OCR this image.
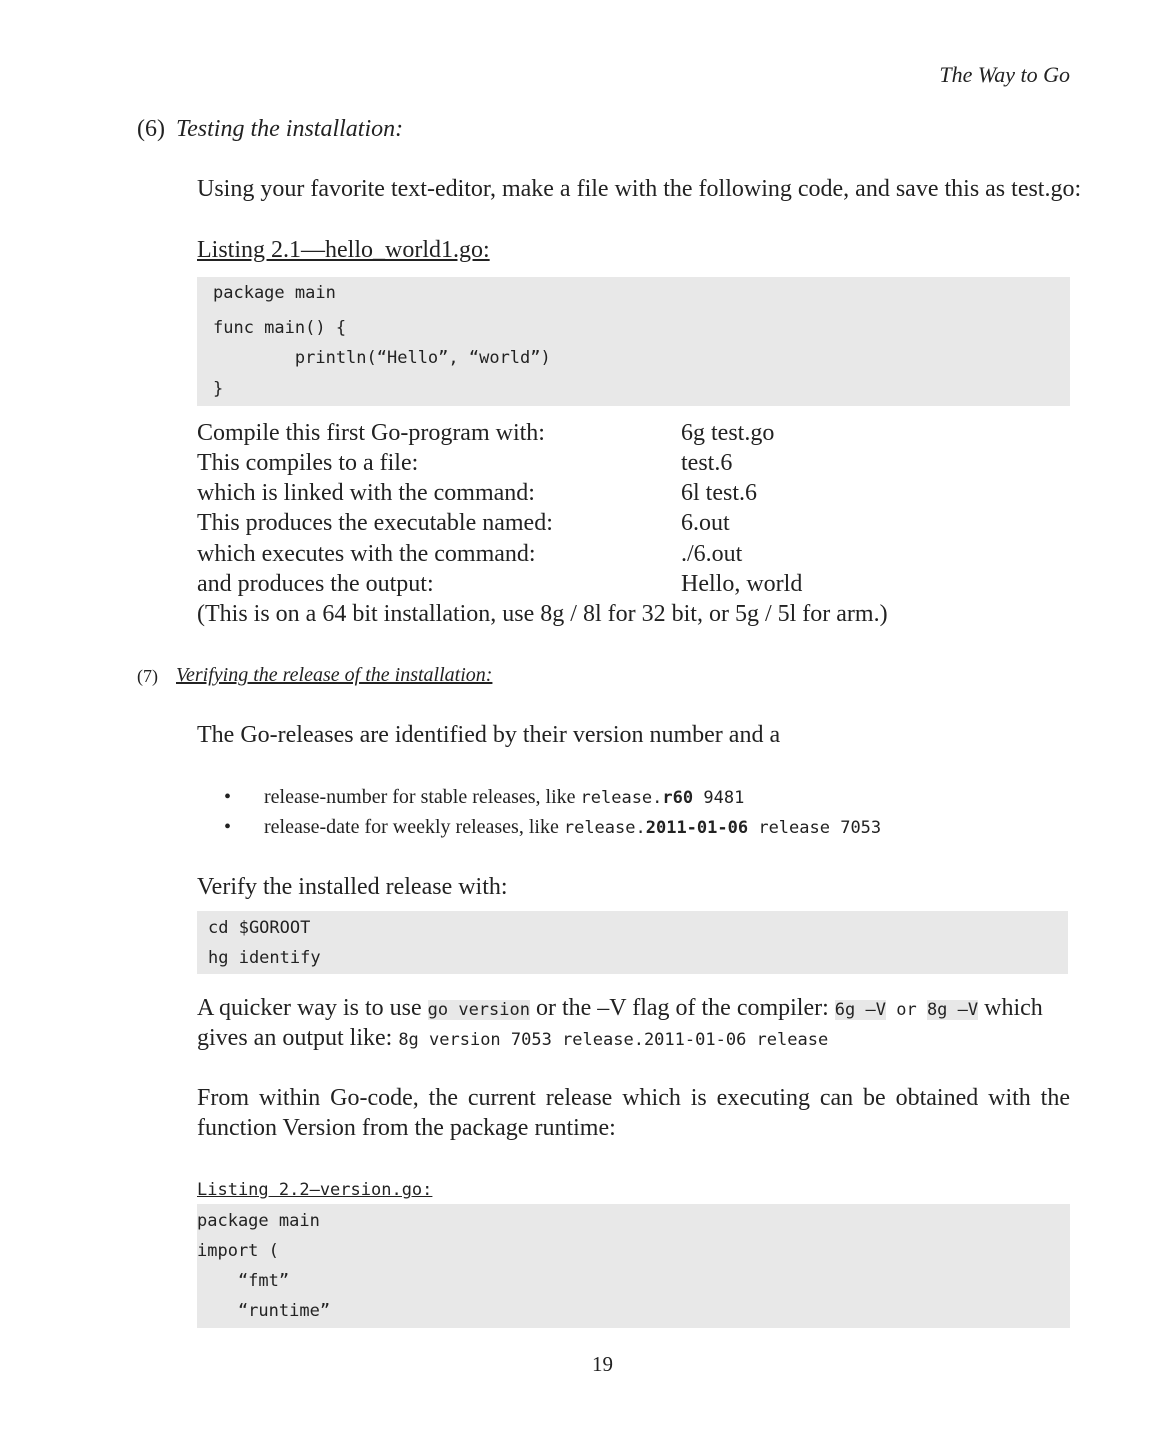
The Way to Go
(6) Testing the installation:
Using your favorite text-editor, make a file with the following code, and save this as test.go:
Listing 2.1—hello_world1.go:
package main
func main() {
println(“Hello”, “world”)
}
Compile this first Go-program with:	6g test.go
This compiles to a file:	test.6
which is linked with the command:	6l test.6
This produces the executable named:	6.out
which executes with the command:	./6.out
and produces the output:	Hello, world
(This is on a 64 bit installation, use 8g / 8l for 32 bit, or 5g / 5l for arm.)
(7) Verifying the release of the installation:
The Go-releases are identified by their version number and a
• release-number for stable releases, like release.r60 9481
• release-date for weekly releases, like release.2011-01-06 release 7053
Verify the installed release with:
cd $GOROOT
hg identify
A quicker way is to use go version or the –V flag of the compiler: 6g –V or 8g –V which
gives an output like: 8g version 7053 release.2011-01-06 release
From within Go-code, the current release which is executing can be obtained with the
function Version from the package runtime:
Listing 2.2—version.go:
package main
import (
“fmt”
“runtime”
19
